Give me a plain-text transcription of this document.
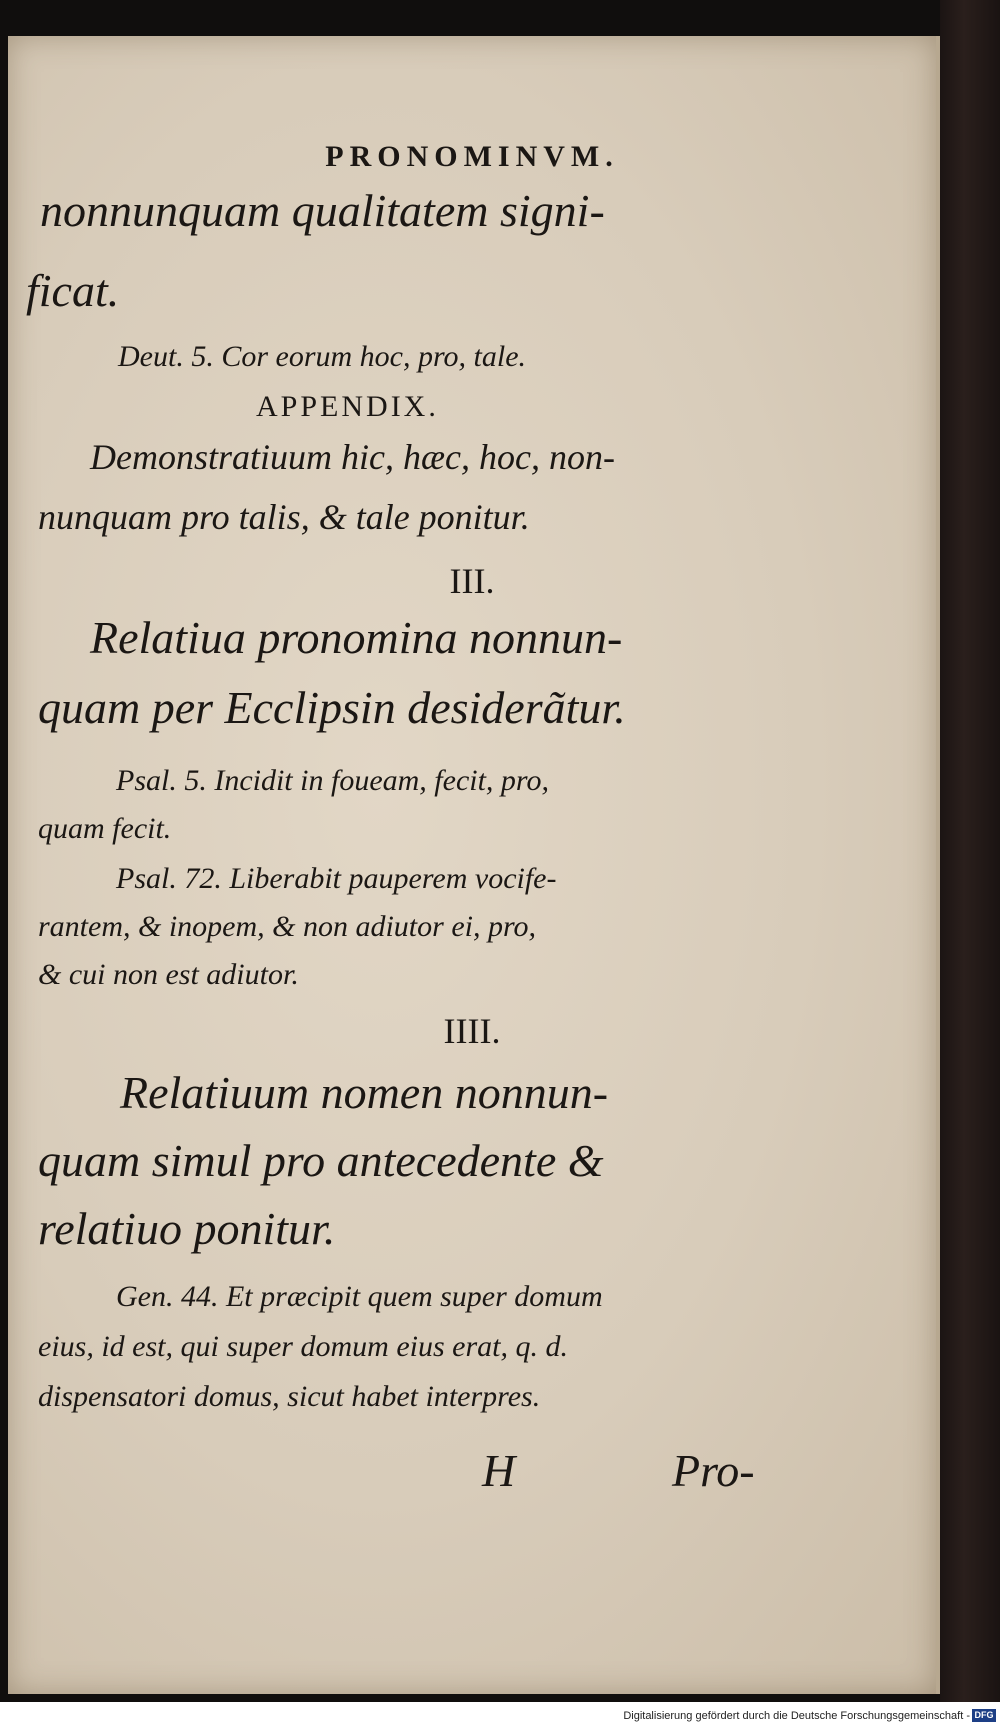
PRONOMINVM.
nonnunquam qualitatem signi-
ficat.
Deut. 5. Cor eorum hoc, pro, tale.
APPENDIX.
Demonstratiuum hic, hæc, hoc, non-
nunquam pro talis, & tale ponitur.
III.
Relatiua pronomina nonnun-
quam per Ecclipsin desiderãtur.
Psal. 5. Incidit in foueam, fecit, pro,
quam fecit.
Psal. 72. Liberabit pauperem vocife-
rantem, & inopem, & non adiutor ei, pro,
& cui non est adiutor.
IIII.
Relatiuum nomen nonnun-
quam simul pro antecedente &
relatiuo ponitur.
Gen. 44. Et præcipit quem super domum
eius, id est, qui super domum eius erat, q. d.
dispensatori domus, sicut habet interpres.
H	Pro-
Digitalisierung gefördert durch die Deutsche Forschungsgemeinschaft - DFG
